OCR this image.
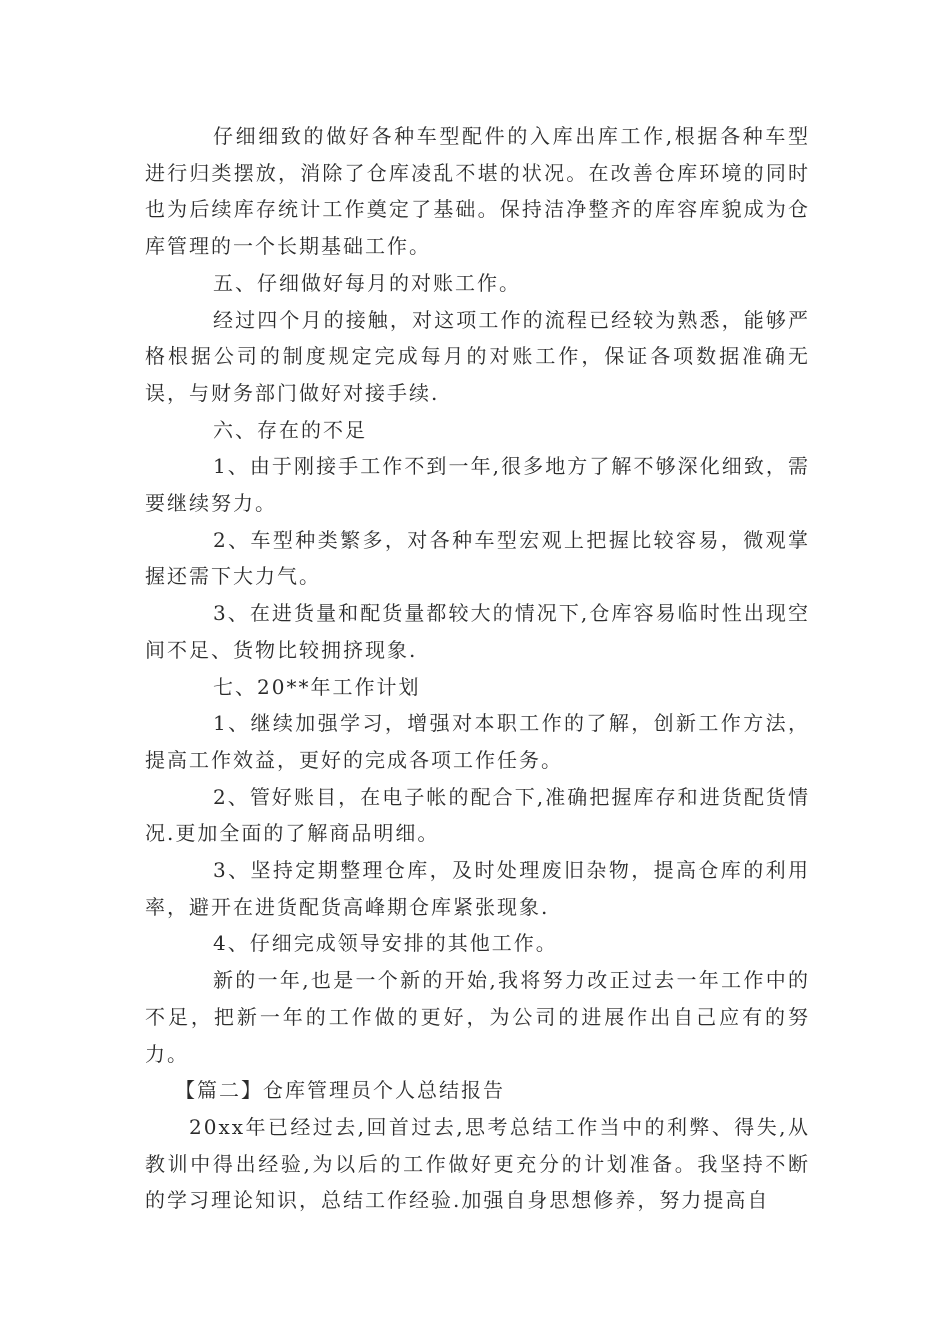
仔细细致的做好各种车型配件的入库出库工作,根据各种车型进行归类摆放，消除了仓库凌乱不堪的状况。在改善仓库环境的同时也为后续库存统计工作奠定了基础。保持洁净整齐的库容库貌成为仓库管理的一个长期基础工作。

五、仔细做好每月的对账工作。

经过四个月的接触，对这项工作的流程已经较为熟悉，能够严格根据公司的制度规定完成每月的对账工作，保证各项数据准确无误，与财务部门做好对接手续.

六、存在的不足

1、由于刚接手工作不到一年,很多地方了解不够深化细致，需要继续努力。

2、车型种类繁多，对各种车型宏观上把握比较容易，微观掌握还需下大力气。

3、在进货量和配货量都较大的情况下,仓库容易临时性出现空间不足、货物比较拥挤现象.

七、20**年工作计划

1、继续加强学习，增强对本职工作的了解，创新工作方法，提高工作效益，更好的完成各项工作任务。

2、管好账目，在电子帐的配合下,准确把握库存和进货配货情况.更加全面的了解商品明细。

3、坚持定期整理仓库，及时处理废旧杂物，提高仓库的利用率，避开在进货配货高峰期仓库紧张现象.

4、仔细完成领导安排的其他工作。

新的一年,也是一个新的开始,我将努力改正过去一年工作中的不足，把新一年的工作做的更好，为公司的进展作出自己应有的努力。

【篇二】仓库管理员个人总结报告

20xx年已经过去,回首过去,思考总结工作当中的利弊、得失,从教训中得出经验,为以后的工作做好更充分的计划准备。我坚持不断的学习理论知识，总结工作经验.加强自身思想修养，努力提高自
